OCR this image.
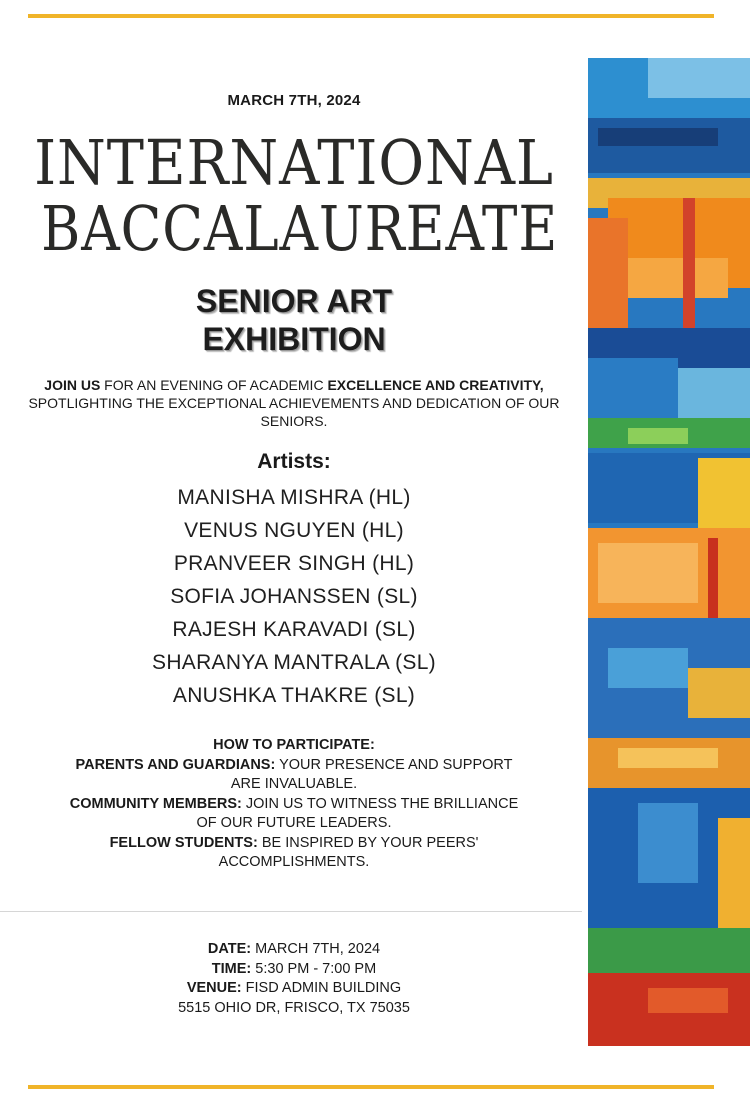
MARCH 7TH, 2024
INTERNATIONAL
BACCALAUREATE
SENIOR ART
EXHIBITION
JOIN US FOR AN EVENING OF ACADEMIC EXCELLENCE AND CREATIVITY,
SPOTLIGHTING THE EXCEPTIONAL ACHIEVEMENTS AND DEDICATION OF OUR
SENIORS.
Artists:
MANISHA MISHRA (HL)
VENUS NGUYEN (HL)
PRANVEER SINGH (HL)
SOFIA JOHANSSEN (SL)
RAJESH KARAVADI (SL)
SHARANYA MANTRALA (SL)
ANUSHKA THAKRE (SL)
HOW TO PARTICIPATE:
PARENTS AND GUARDIANS: YOUR PRESENCE AND SUPPORT
ARE INVALUABLE.
COMMUNITY MEMBERS: JOIN US TO WITNESS THE BRILLIANCE
OF OUR FUTURE LEADERS.
FELLOW STUDENTS: BE INSPIRED BY YOUR PEERS'
ACCOMPLISHMENTS.
DATE: MARCH 7TH, 2024
TIME: 5:30 PM - 7:00 PM
VENUE: FISD ADMIN BUILDING
5515 OHIO DR, FRISCO, TX 75035
